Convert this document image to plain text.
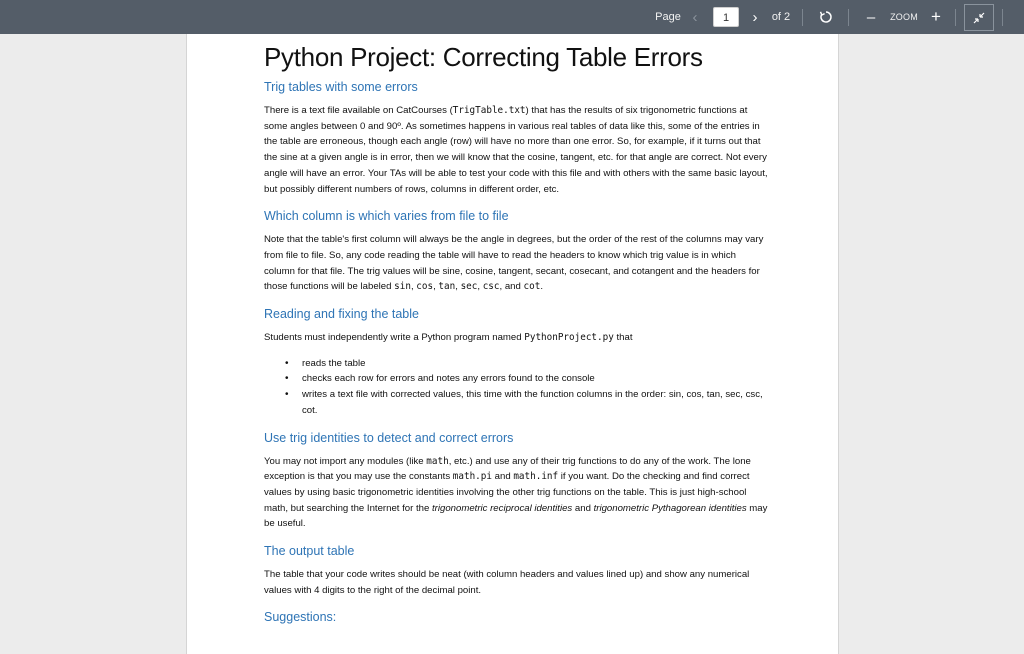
Page ‹	1	›	of 2	–	ZOOM +
Python Project: Correcting Table Errors
Trig tables with some errors

There is a text file available on CatCourses (TrigTable.txt) that has the results of six trigonometric functions at some angles between 0 and 90º. As sometimes happens in various real tables of data like this, some of the entries in the table are erroneous, though each angle (row) will have no more than one error. So, for example, if it turns out that the sine at a given angle is in error, then we will know that the cosine, tangent, etc. for that angle are correct. Not every angle will have an error. Your TAs will be able to test your code with this file and with others with the same basic layout, but possibly different numbers of rows, columns in different order, etc.

Which column is which varies from file to file

Note that the table's first column will always be the angle in degrees, but the order of the rest of the columns may vary from file to file. So, any code reading the table will have to read the headers to know which trig value is in which column for that file. The trig values will be sine, cosine, tangent, secant, cosecant, and cotangent and the headers for those functions will be labeled sin, cos, tan, sec, csc, and cot.

Reading and fixing the table

Students must independently write a Python program named PythonProject.py that

• reads the table
• checks each row for errors and notes any errors found to the console
• writes a text file with corrected values, this time with the function columns in the order: sin, cos, tan, sec, csc, cot.
Use trig identities to detect and correct errors

You may not import any modules (like math, etc.) and use any of their trig functions to do any of the work. The lone exception is that you may use the constants math.pi and math.inf if you want. Do the checking and find correct values by using basic trigonometric identities involving the other trig functions on the table. This is just high-school math, but searching the Internet for the trigonometric reciprocal identities and trigonometric Pythagorean identities may be useful.

The output table

The table that your code writes should be neat (with column headers and values lined up) and show any numerical values with 4 digits to the right of the decimal point.

Suggestions:
